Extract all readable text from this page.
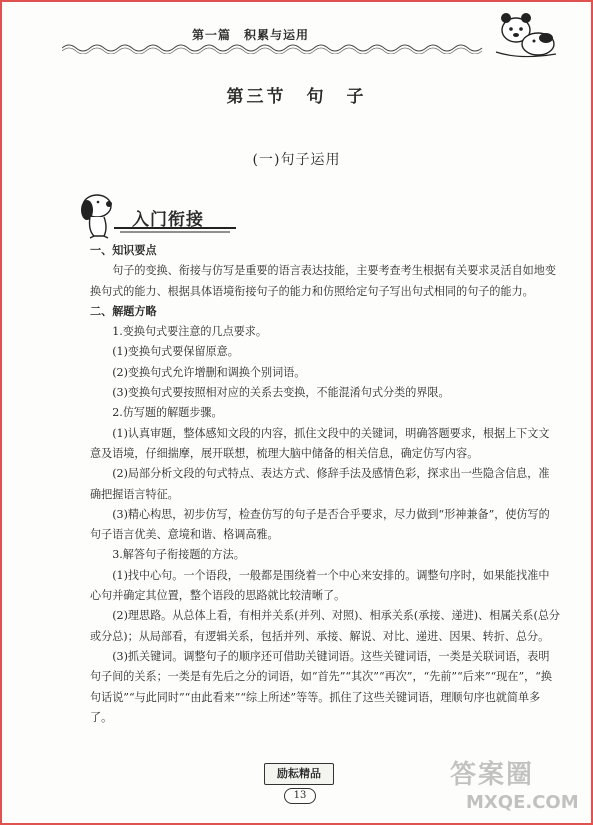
第一篇　积累与运用
第三节　句　子
(一)句子运用
入门衔接

一、知识要点

句子的变换、衔接与仿写是重要的语言表达技能，主要考查考生根据有关要求灵活自如地变换句式的能力、根据具体语境衔接句子的能力和仿照给定句子写出句式相同的句子的能力。

二、解题方略

1.变换句式要注意的几点要求。

(1)变换句式要保留原意。

(2)变换句式允许增删和调换个别词语。

(3)变换句式要按照相对应的关系去变换，不能混淆句式分类的界限。

2.仿写题的解题步骤。

(1)认真审题，整体感知文段的内容，抓住文段中的关键词，明确答题要求，根据上下文文意及语境，仔细揣摩，展开联想，梳理大脑中储备的相关信息，确定仿写内容。

(2)局部分析文段的句式特点、表达方式、修辞手法及感情色彩，探求出一些隐含信息，准确把握语言特征。

(3)精心构思，初步仿写，检查仿写的句子是否合乎要求，尽力做到“形神兼备”，使仿写的句子语言优美、意境和谐、格调高雅。

3.解答句子衔接题的方法。

(1)找中心句。一个语段，一般都是围绕着一个中心来安排的。调整句序时，如果能找准中心句并确定其位置，整个语段的思路就比较清晰了。

(2)理思路。从总体上看，有相并关系(并列、对照)、相承关系(承接、递进)、相属关系(总分或分总)；从局部看，有逻辑关系，包括并列、承接、解说、对比、递进、因果、转折、总分。

(3)抓关键词。调整句子的顺序还可借助关键词语。这些关键词语，一类是关联词语，表明句子间的关系；一类是有先后之分的词语，如“首先”“其次”“再次”，“先前”“后来”“现在”，“换句话说”“与此同时”“由此看来”“综上所述”等等。抓住了这些关键词语，理顺句序也就简单多了。

励耘精品
13
答案圈
MXQE.COM
